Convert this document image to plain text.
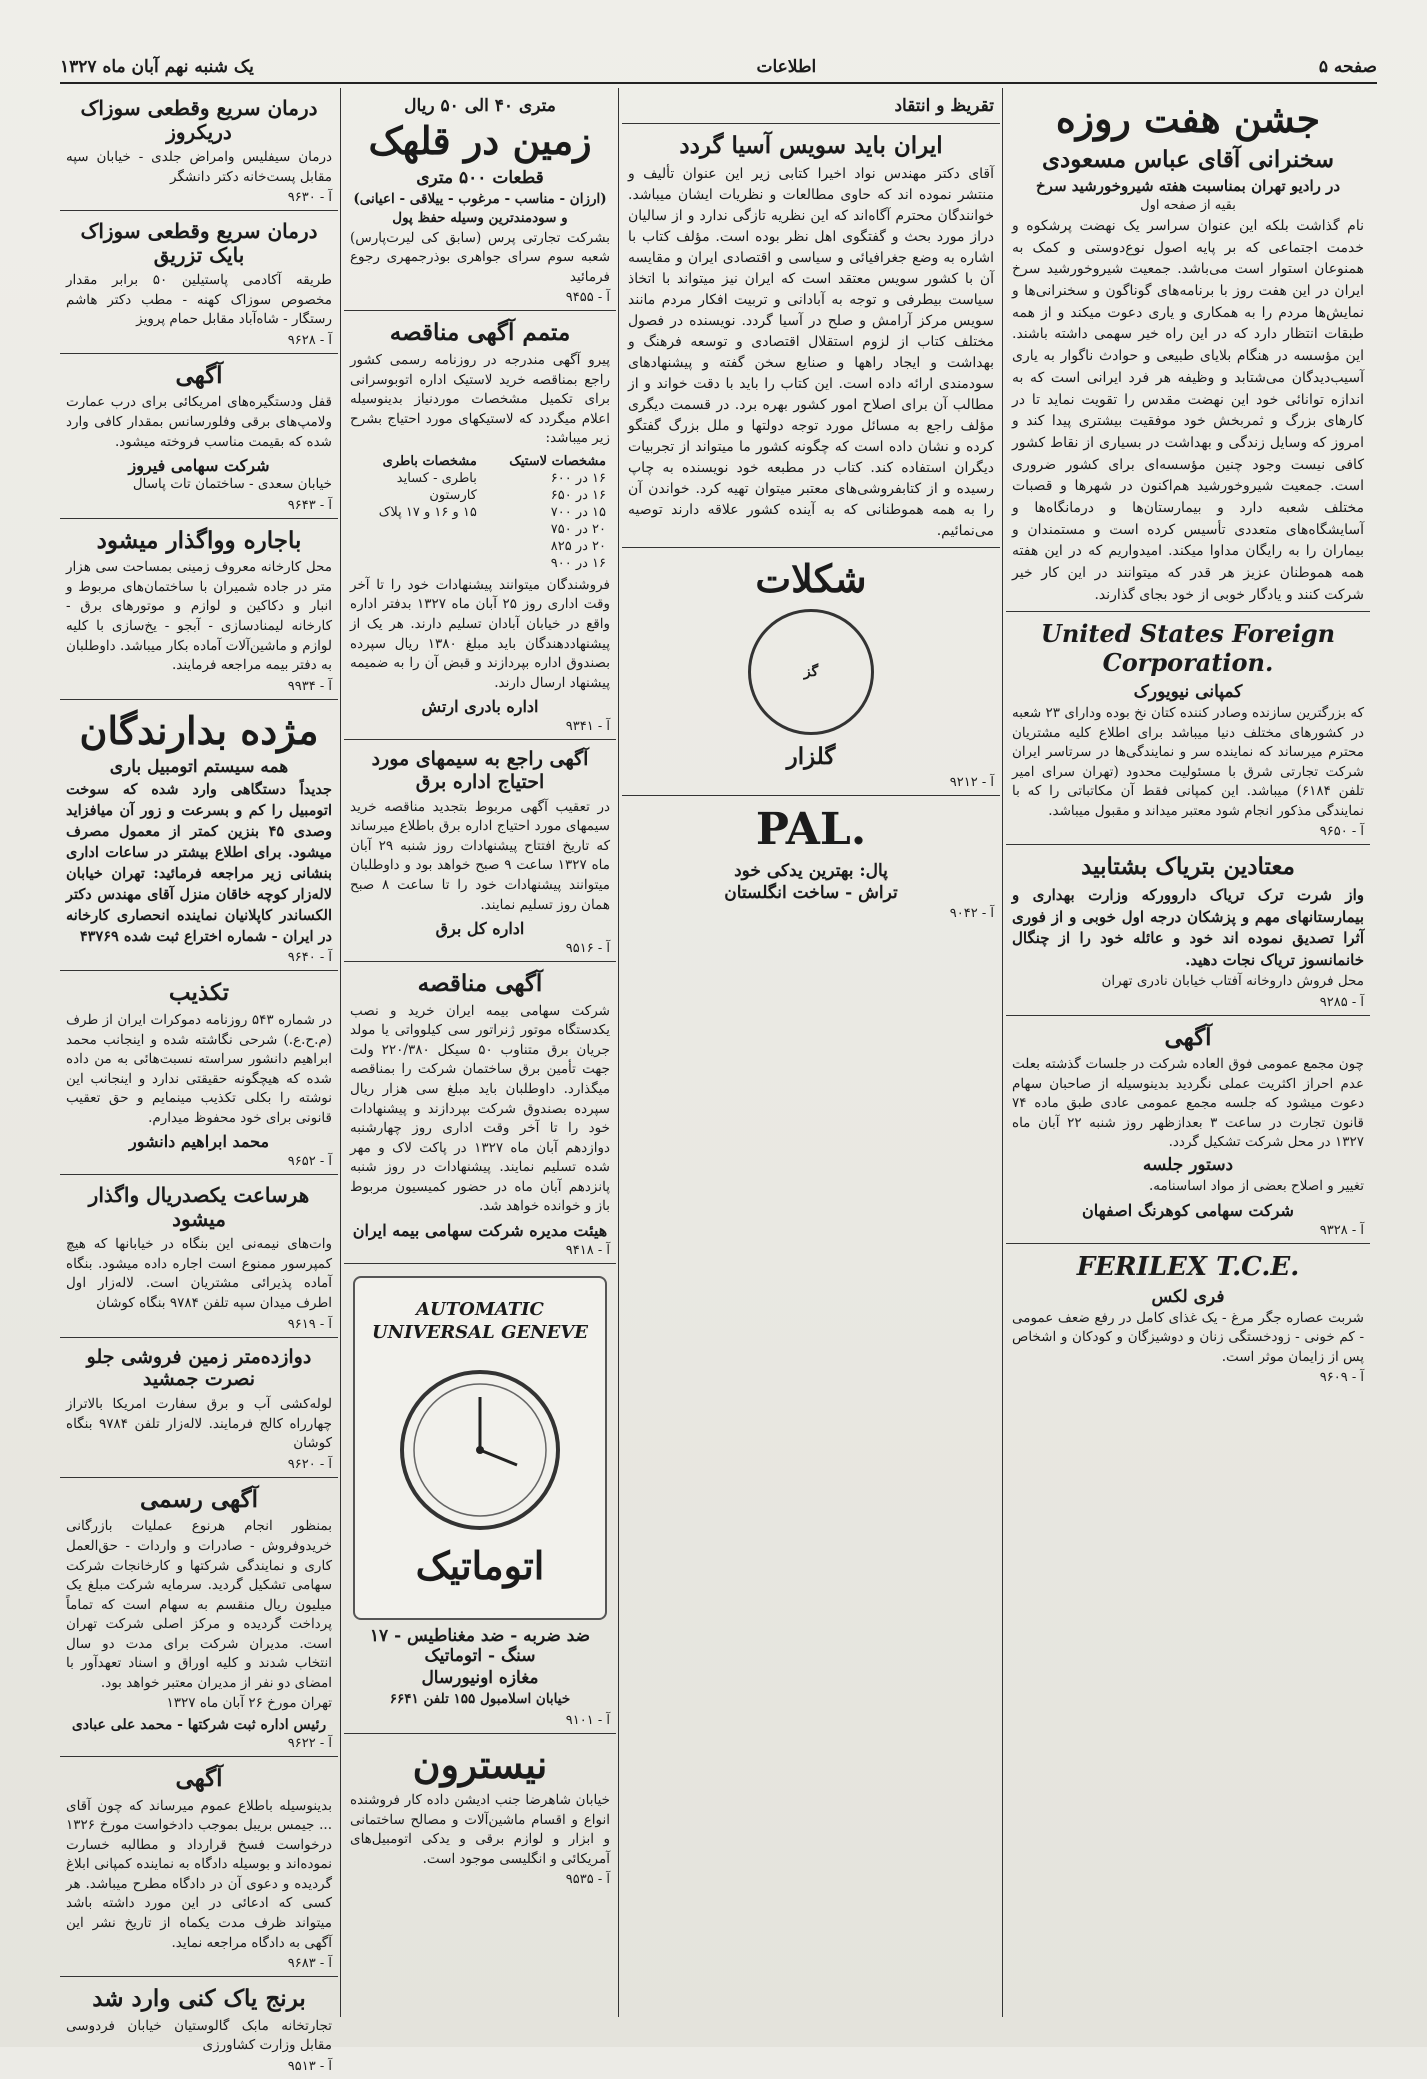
صفحه ۵
اطلاعات
یک شنبه نهم آبان ماه ۱۳۲۷
درمان سریع وقطعی سوزاک دریکروز

درمان سیفلیس وامراض جلدی - خیابان سپه مقابل پست‌خانه دکتر دانشگر

آ - ۹۶۳۰
درمان سریع وقطعی سوزاک بایک تزریق

طریقه آکادمی پاستیلین ۵۰ برابر مقدار مخصوص سوزاک کهنه - مطب دکتر هاشم رستگار - شاه‌آباد مقابل حمام پرویز

آ - ۹۶۲۸
آگهی

قفل ودستگیره‌های امریکائی برای درب عمارت ولامپ‌های برقی وفلورسانس بمقدار کافی وارد شده که بقیمت مناسب فروخته میشود.

شرکت سهامی فیروز

خیابان سعدی - ساختمان تات پاسال

آ - ۹۶۴۳
باجاره وواگذار میشود

محل کارخانه معروف زمینی بمساحت سی هزار متر در جاده شمیران با ساختمان‌های مربوط و انبار و دکاکین و لوازم و موتورهای برق - کارخانه لیمنادسازی - آبجو - یخ‌سازی با کلیه لوازم و ماشین‌آلات آماده بکار میباشد. داوطلبان به دفتر بیمه مراجعه فرمایند.

آ - ۹۹۳۴
مژده بدارندگان
همه سیستم اتومبیل باری

جدیداً دستگاهی وارد شده که سوخت اتومبیل را کم و بسرعت و زور آن میافزاید وصدی ۴۵ بنزین کمتر از معمول مصرف میشود. برای اطلاع بیشتر در ساعات اداری بنشانی زیر مراجعه فرمائید: تهران خیابان لاله‌زار کوچه خاقان منزل آقای مهندس دکتر الکساندر کاپلانیان نماینده انحصاری کارخانه در ایران - شماره اختراع ثبت شده ۴۳۷۶۹

آ - ۹۶۴۰
تکذیب

در شماره ۵۴۳ روزنامه دموکرات ایران از طرف (م.ح.ع.) شرحی نگاشته شده و اینجانب محمد ابراهیم دانشور سراسته نسبت‌هائی به من داده شده که هیچگونه حقیقتی ندارد و اینجانب این نوشته را بکلی تکذیب مینمایم و حق تعقیب قانونی برای خود محفوظ میدارم.

محمد ابراهیم دانشور
آ - ۹۶۵۲
هرساعت یکصدریال واگذار میشود

وات‌های نیمه‌نی این بنگاه در خیابانها که هیچ کمپرسور ممنوع است اجاره داده میشود. بنگاه آماده پذیرائی مشتریان است. لاله‌زار اول اطرف میدان سپه تلفن ۹۷۸۴ بنگاه کوشان

آ - ۹۶۱۹
دوازده‌متر زمین فروشی جلو نصرت جمشید

لوله‌کشی آب و برق سفارت امریکا بالاتراز چهارراه کالج فرمایند. لاله‌زار تلفن ۹۷۸۴ بنگاه کوشان

آ - ۹۶۲۰
آگهی رسمی

بمنظور انجام هرنوع عملیات بازرگانی خریدوفروش - صادرات و واردات - حق‌العمل کاری و نمایندگی شرکتها و کارخانجات شرکت سهامی تشکیل گردید. سرمایه شرکت مبلغ یک میلیون ریال منقسم به سهام است که تماماً پرداخت گردیده و مرکز اصلی شرکت تهران است. مدیران شرکت برای مدت دو سال انتخاب شدند و کلیه اوراق و اسناد تعهدآور با امضای دو نفر از مدیران معتبر خواهد بود.

تهران مورخ ۲۶ آبان ماه ۱۳۲۷

رئیس اداره ثبت شرکتها - محمد علی عبادی
آ - ۹۶۲۲
آگهی

بدینوسیله باطلاع عموم میرساند که چون آقای ... جیمس بریبل بموجب دادخواست مورخ ۱۳۲۶ درخواست فسخ قرارداد و مطالبه خسارت نموده‌اند و بوسیله دادگاه به نماینده کمپانی ابلاغ گردیده و دعوی آن در دادگاه مطرح میباشد. هر کسی که ادعائی در این مورد داشته باشد میتواند ظرف مدت یکماه از تاریخ نشر این آگهی به دادگاه مراجعه نماید.

آ - ۹۶۸۳
برنج یاک کنی وارد شد

تجارتخانه مابک گالوستیان خیابان فردوسی مقابل وزارت کشاورزی

آ - ۹۵۱۳
متری ۴۰ الی ۵۰ ریال
زمین در قلهک
قطعات ۵۰۰ متری

(ارزان - مناسب - مرغوب - ییلاقی - اعیانی) و سودمندترین وسیله حفظ پول

بشرکت تجارتی پرس (سابق کی لیرت‌پارس) شعبه سوم سرای جواهری بوذرجمهری رجوع فرمائید

آ - ۹۴۵۵
متمم آگهی مناقصه

پیرو آگهی مندرجه در روزنامه رسمی کشور راجع بمناقصه خرید لاستیک اداره اتوبوسرانی برای تکمیل مشخصات موردنیاز بدینوسیله اعلام میگردد که لاستیکهای مورد احتیاج بشرح زیر میباشد:

مشخصات لاستیک	مشخصات باطری
۱۶ در ۶۰۰	باطری - کساید
۱۶ در ۶۵۰	کارستون
۱۵ در ۷۰۰	۱۵ و ۱۶ و ۱۷ پلاک
۲۰ در ۷۵۰	
۲۰ در ۸۲۵	
۱۶ در ۹۰۰	

فروشندگان میتوانند پیشنهادات خود را تا آخر وقت اداری روز ۲۵ آبان ماه ۱۳۲۷ بدفتر اداره واقع در خیابان آبادان تسلیم دارند. هر یک از پیشنهاددهندگان باید مبلغ ۱۳۸۰ ریال سپرده بصندوق اداره بپردازند و قبض آن را به ضمیمه پیشنهاد ارسال دارند.

اداره بادری ارتش
آ - ۹۳۴۱
آگهی راجع به سیمهای مورد احتیاج اداره برق

در تعقیب آگهی مربوط بتجدید مناقصه خرید سیمهای مورد احتیاج اداره برق باطلاع میرساند که تاریخ افتتاح پیشنهادات روز شنبه ۲۹ آبان ماه ۱۳۲۷ ساعت ۹ صبح خواهد بود و داوطلبان میتوانند پیشنهادات خود را تا ساعت ۸ صبح همان روز تسلیم نمایند.

اداره کل برق
آ - ۹۵۱۶
آگهی مناقصه

شرکت سهامی بیمه ایران خرید و نصب یکدستگاه موتور ژنراتور سی کیلوواتی یا مولد جریان برق متناوب ۵۰ سیکل ۲۲۰/۳۸۰ ولت جهت تأمین برق ساختمان شرکت را بمناقصه میگذارد. داوطلبان باید مبلغ سی هزار ریال سپرده بصندوق شرکت بپردازند و پیشنهادات خود را تا آخر وقت اداری روز چهارشنبه دوازدهم آبان ماه ۱۳۲۷ در پاکت لاک و مهر شده تسلیم نمایند. پیشنهادات در روز شنبه پانزدهم آبان ماه در حضور کمیسیون مربوط باز و خوانده خواهد شد.

هیئت مدیره شرکت سهامی بیمه ایران
آ - ۹۴۱۸
AUTOMATIC UNIVERSAL GENEVE
اتوماتیک
ضد ضربه - ضد مغناطیس - ۱۷ سنگ - اتوماتیک
مغازه اونیورسال

خیابان اسلامبول ۱۵۵ تلفن ۶۶۴۱

آ - ۹۱۰۱
نیسترون

خیابان شاهرضا جنب ادیشن داده کار فروشنده انواع و اقسام ماشین‌آلات و مصالح ساختمانی و ابزار و لوازم برقی و یدکی اتومبیل‌های آمریکائی و انگلیسی موجود است.

آ - ۹۵۳۵
تقریظ و انتقاد
ایران باید سویس آسیا گردد

آقای دکتر مهندس نواد اخیرا کتابی زیر این عنوان تألیف و منتشر نموده اند که حاوی مطالعات و نظریات ایشان میباشد. خوانندگان محترم آگاه‌اند که این نظریه تازگی ندارد و از سالیان دراز مورد بحث و گفتگوی اهل نظر بوده است. مؤلف کتاب با اشاره به وضع جغرافیائی و سیاسی و اقتصادی ایران و مقایسه آن با کشور سویس معتقد است که ایران نیز میتواند با اتخاذ سیاست بیطرفی و توجه به آبادانی و تربیت افکار مردم مانند سویس مرکز آرامش و صلح در آسیا گردد. نویسنده در فصول مختلف کتاب از لزوم استقلال اقتصادی و توسعه فرهنگ و بهداشت و ایجاد راهها و صنایع سخن گفته و پیشنهادهای سودمندی ارائه داده است. این کتاب را باید با دقت خواند و از مطالب آن برای اصلاح امور کشور بهره برد. در قسمت دیگری مؤلف راجع به مسائل مورد توجه دولتها و ملل بزرگ گفتگو کرده و نشان داده است که چگونه کشور ما میتواند از تجربیات دیگران استفاده کند. کتاب در مطبعه خود نویسنده به چاپ رسیده و از کتابفروشی‌های معتبر میتوان تهیه کرد. خواندن آن را به همه هموطنانی که به آینده کشور علاقه دارند توصیه می‌نمائیم.

شکلات
گز
گلزار
آ - ۹۲۱۲
PAL.
پال: بهترین یدکی خود
تراش - ساخت انگلستان
آ - ۹۰۴۲
جشن هفت روزه
سخنرانی آقای عباس مسعودی
در رادیو تهران بمناسبت هفته شیروخورشید سرخ

بقیه از صفحه اول

نام گذاشت بلکه این عنوان سراسر یک نهضت پرشکوه و خدمت اجتماعی که بر پایه اصول نوع‌دوستی و کمک به همنوعان استوار است می‌باشد. جمعیت شیروخورشید سرخ ایران در این هفت روز با برنامه‌های گوناگون و سخنرانی‌ها و نمایش‌ها مردم را به همکاری و یاری دعوت میکند و از همه طبقات انتظار دارد که در این راه خیر سهمی داشته باشند. این مؤسسه در هنگام بلایای طبیعی و حوادث ناگوار به یاری آسیب‌دیدگان می‌شتابد و وظیفه هر فرد ایرانی است که به اندازه توانائی خود این نهضت مقدس را تقویت نماید تا در کارهای بزرگ و ثمربخش خود موفقیت بیشتری پیدا کند و امروز که وسایل زندگی و بهداشت در بسیاری از نقاط کشور کافی نیست وجود چنین مؤسسه‌ای برای کشور ضروری است. جمعیت شیروخورشید هم‌اکنون در شهرها و قصبات مختلف شعبه دارد و بیمارستان‌ها و درمانگاه‌ها و آسایشگاه‌های متعددی تأسیس کرده است و مستمندان و بیماران را به رایگان مداوا میکند. امیدواریم که در این هفته همه هموطنان عزیز هر قدر که میتوانند در این کار خیر شرکت کنند و یادگار خوبی از خود بجای گذارند.

United States Foreign Corporation.
کمپانی نیویورک

که بزرگترین سازنده وصادر کننده کتان نخ بوده ودارای ۲۳ شعبه در کشورهای مختلف دنیا میباشد برای اطلاع کلیه مشتریان محترم میرساند که نماینده سر و نمایندگی‌ها در سرتاسر ایران شرکت تجارتی شرق با مسئولیت محدود (تهران سرای امیر تلفن ۶۱۸۴) میباشد. این کمپانی فقط آن مکاتباتی را که با نمایندگی مذکور انجام شود معتبر میداند و مقبول میباشد.

آ - ۹۶۵۰
معتادین بتریاک بشتابید

واز شرت ترک تریاک داروورکه وزارت بهداری و بیمارستانهای مهم و پزشکان درجه اول خوبی و از فوری آثرا تصدیق نموده اند خود و عائله خود را از چنگال خانمانسوز تریاک نجات دهید.

محل فروش داروخانه آفتاب خیابان نادری تهران

آ - ۹۲۸۵
آگهی

چون مجمع عمومی فوق العاده شرکت در جلسات گذشته بعلت عدم احراز اکثریت عملی نگردید بدینوسیله از صاحبان سهام دعوت میشود که جلسه مجمع عمومی عادی طبق ماده ۷۴ قانون تجارت در ساعت ۳ بعدازظهر روز شنبه ۲۲ آبان ماه ۱۳۲۷ در محل شرکت تشکیل گردد.

دستور جلسه

تغییر و اصلاح بعضی از مواد اساسنامه.

شرکت سهامی کوهرنگ اصفهان
آ - ۹۳۲۸
FERILEX T.C.E.
فری لکس

شربت عصاره جگر مرغ - یک غذای کامل در رفع ضعف عمومی - کم خونی - زودخستگی زنان و دوشیزگان و کودکان و اشخاص پس از زایمان موثر است.

آ - ۹۶۰۹
